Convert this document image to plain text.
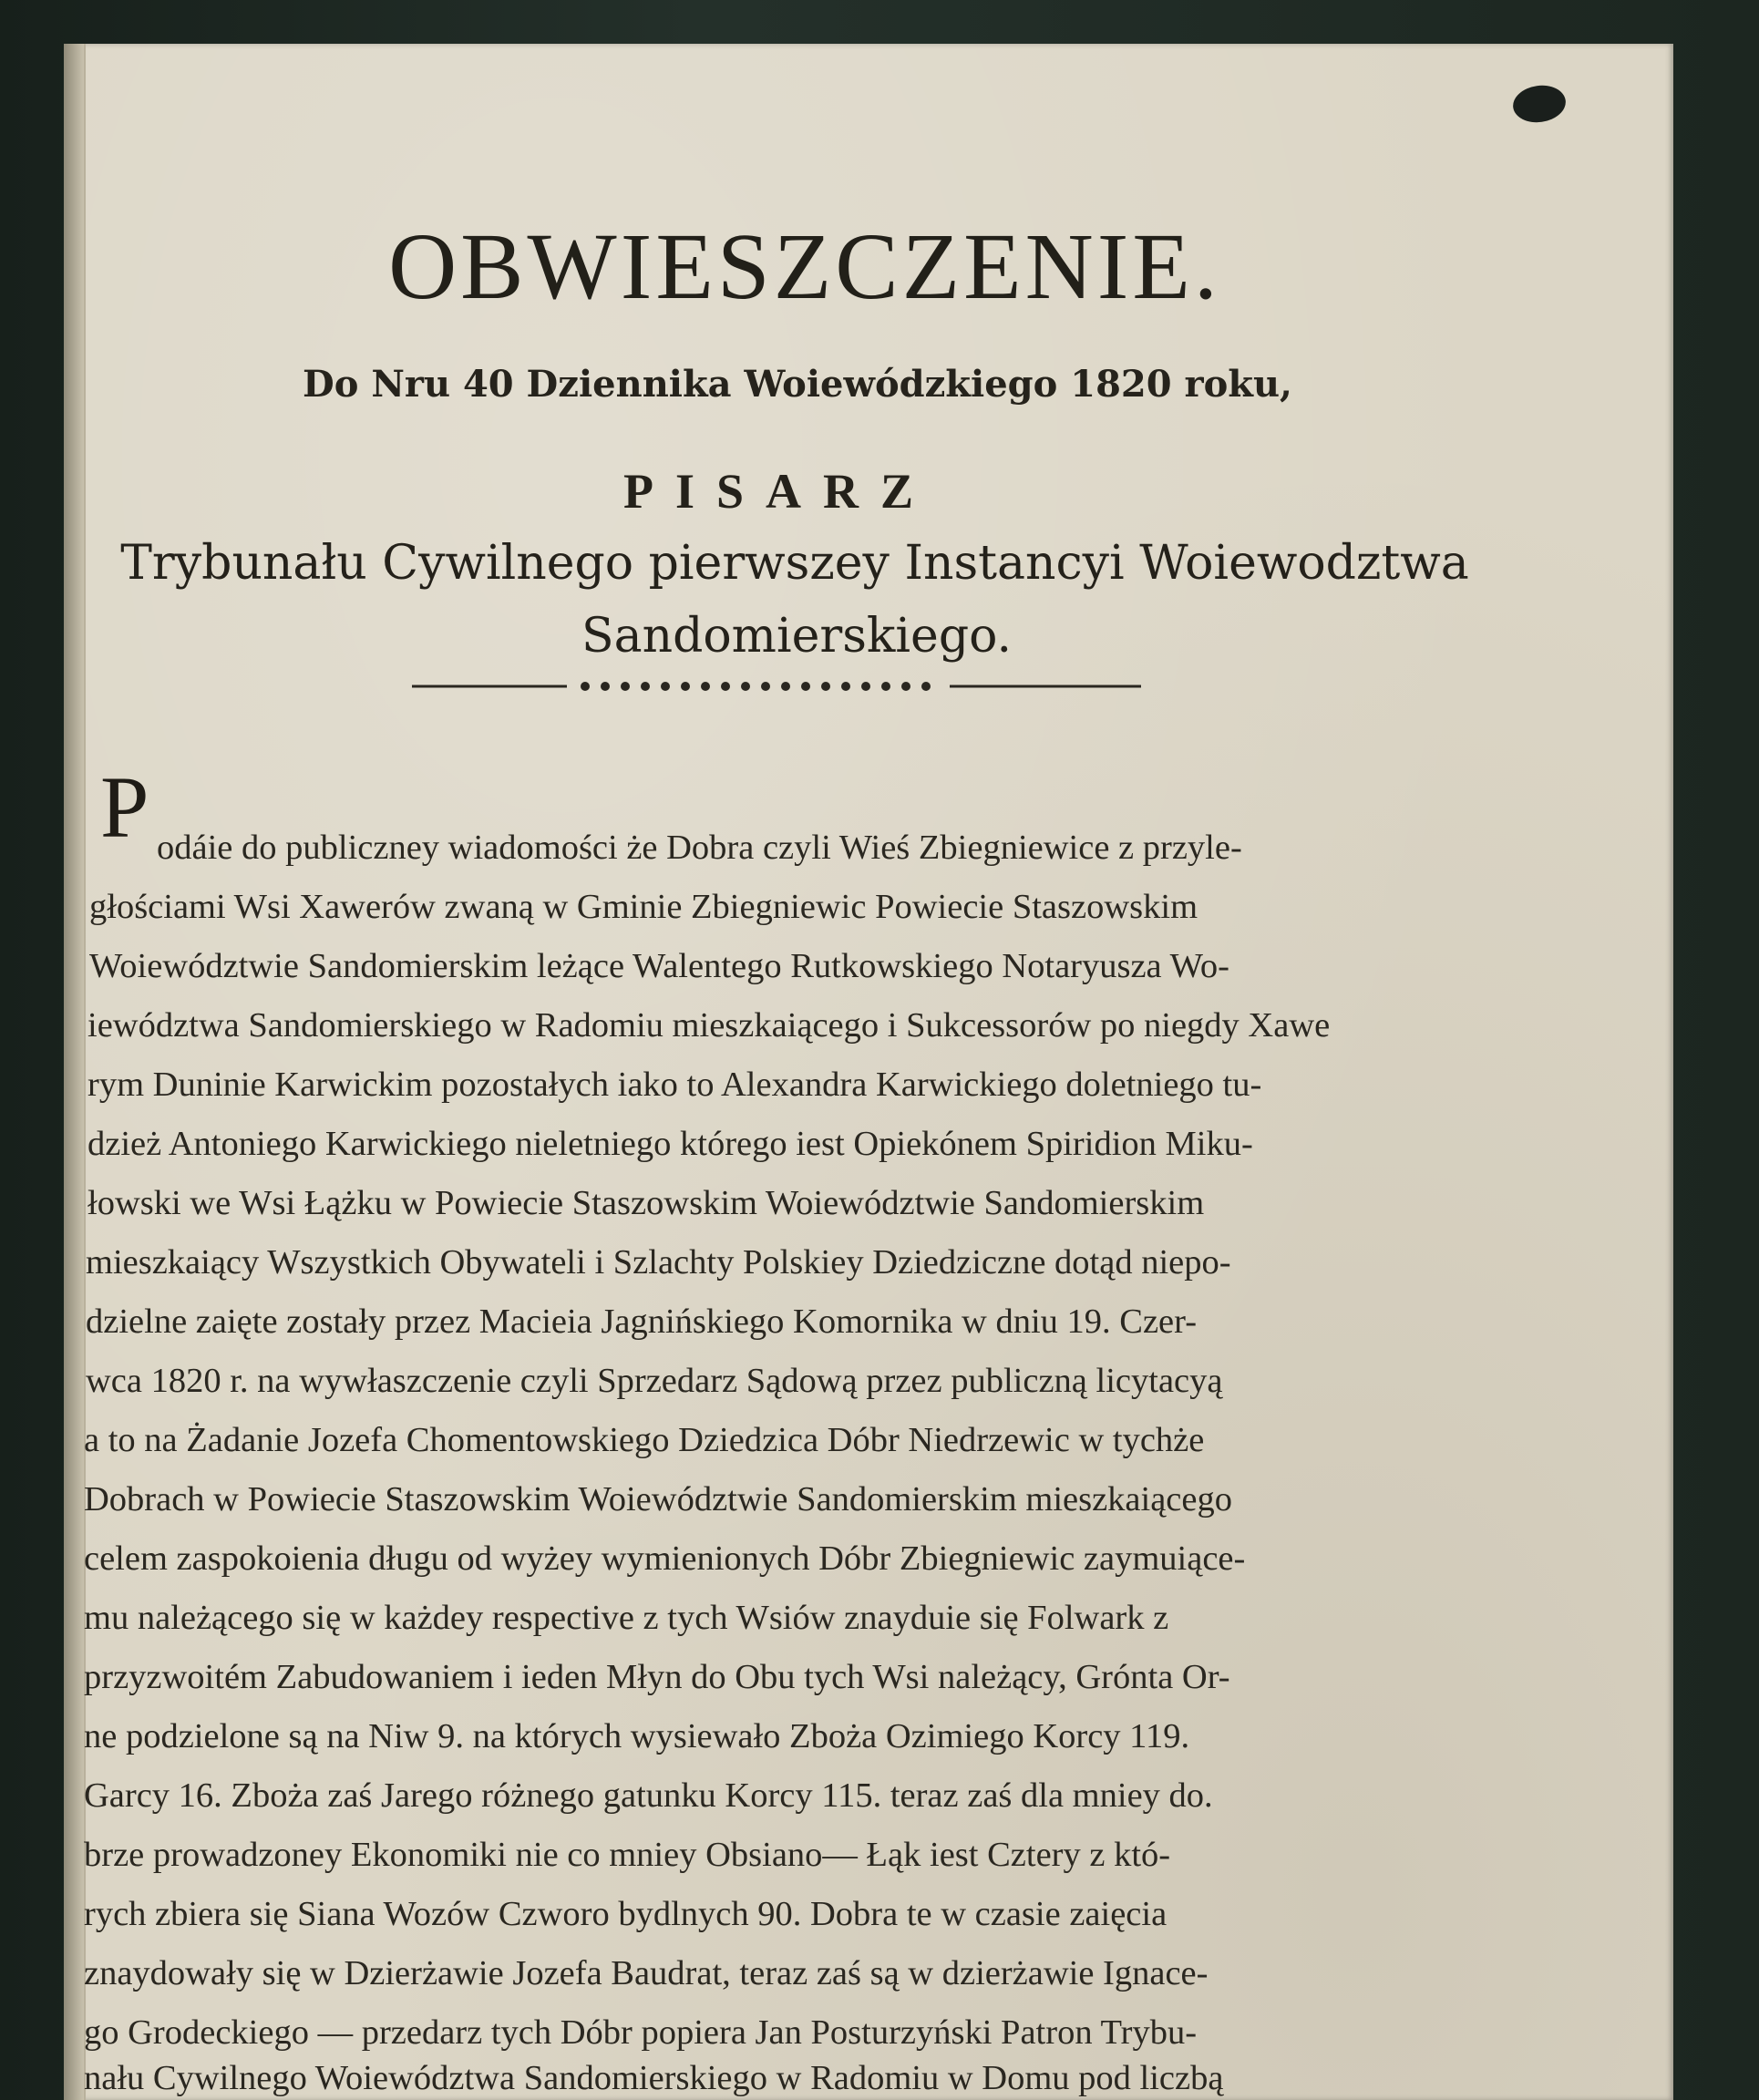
OBWIESZCZENIE.

Do Nru 40 Dziennika Woiewódzkiego 1820 roku,

PISARZ

Trybunału Cywilnego pierwszey Instancyi Woiewodztwa

Sandomierskiego.

P odáie do publiczney wiadomości że Dobra czyli Wieś Zbiegniewice z przyle-
głościami Wsi Xawerów zwaną w Gminie Zbiegniewic Powiecie Staszowskim
Woiewództwie Sandomierskim leżące Walentego Rutkowskiego Notaryusza Wo-
iewództwa Sandomierskiego w Radomiu mieszkaiącego i Sukcessorów po niegdy Xawe
rym Duninie Karwickim pozostałych iako to Alexandra Karwickiego doletniego tu-
dzież Antoniego Karwickiego nieletniego którego iest Opiekónem Spiridion Miku-
łowski we Wsi Łążku w Powiecie Staszowskim Woiewództwie Sandomierskim
mieszkaiący Wszystkich Obywateli i Szlachty Polskiey Dziedziczne dotąd niepo-
dzielne zaięte zostały przez Macieia Jagnińskiego Komornika w dniu 19. Czer-
wca 1820 r. na wywłaszczenie czyli Sprzedarz Sądową przez publiczną licytacyą
a to na Żadanie Jozefa Chomentowskiego Dziedzica Dóbr Niedrzewic w tychże
Dobrach w Powiecie Staszowskim Woiewództwie Sandomierskim mieszkaiącego
celem zaspokoienia długu od wyżey wymienionych Dóbr Zbiegniewic zaymuiące-
mu należącego się w każdey respective z tych Wsiów znayduie się Folwark z
przyzwoitém Zabudowaniem i ieden Młyn do Obu tych Wsi należący, Grónta Or-
ne podzielone są na Niw 9. na których wysiewało Zboża Ozimiego Korcy 119.
Garcy 16. Zboża zaś Jarego różnego gatunku Korcy 115. teraz zaś dla mniey do.
brze prowadzoney Ekonomiki nie co mniey Obsiano— Łąk iest Cztery z któ-
rych zbiera się Siana Wozów Czworo bydlnych 90. Dobra te w czasie zaięcia
znaydowały się w Dzierżawie Jozefa Baudrat, teraz zaś są w dzierżawie Ignace-
go Grodeckiego — przedarz tych Dóbr popiera Jan Posturzyński Patron Trybu-
nału Cywilnego Woiewództwa Sandomierskiego w Radomiu w Domu pod liczbą
